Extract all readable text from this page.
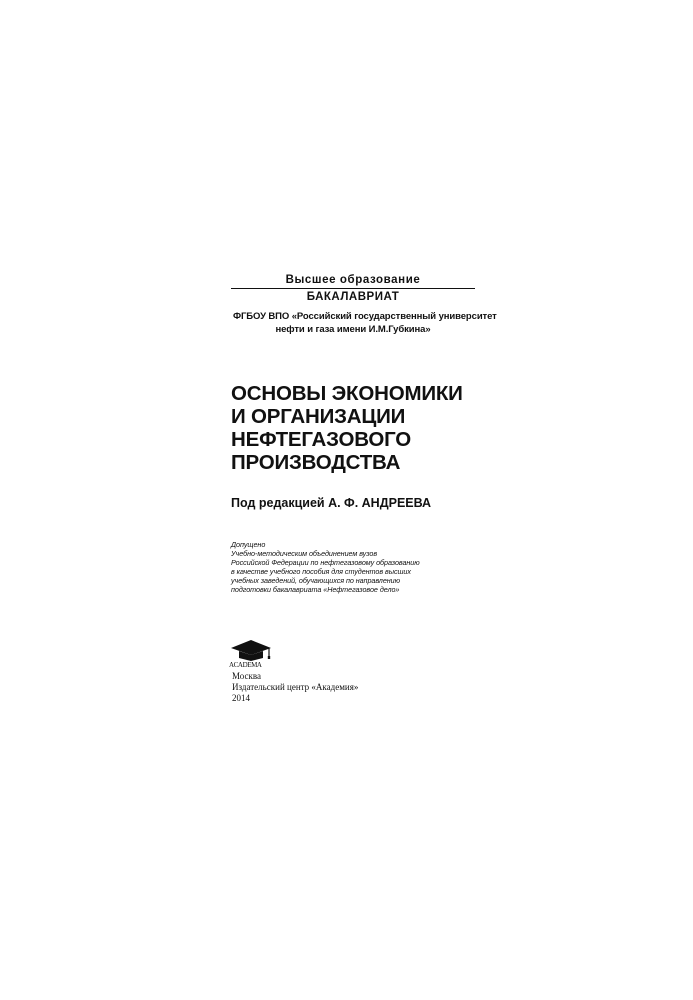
Высшее образование
БАКАЛАВРИАТ
ФГБОУ ВПО «Российский государственный университет
нефти и газа имени И.М.Губкина»
ОСНОВЫ ЭКОНОМИКИ
И ОРГАНИЗАЦИИ
НЕФТЕГАЗОВОГО
ПРОИЗВОДСТВА
Под редакцией А. Ф. АНДРЕЕВА
Допущено
Учебно-методическим объединением вузов
Российской Федерации по нефтегазовому образованию
в качестве учебного пособия для студентов высших
учебных заведений, обучающихся по направлению
подготовки бакалавриата «Нефтегазовое дело»
ACADEMA
Москва
Издательский центр «Академия»
2014
